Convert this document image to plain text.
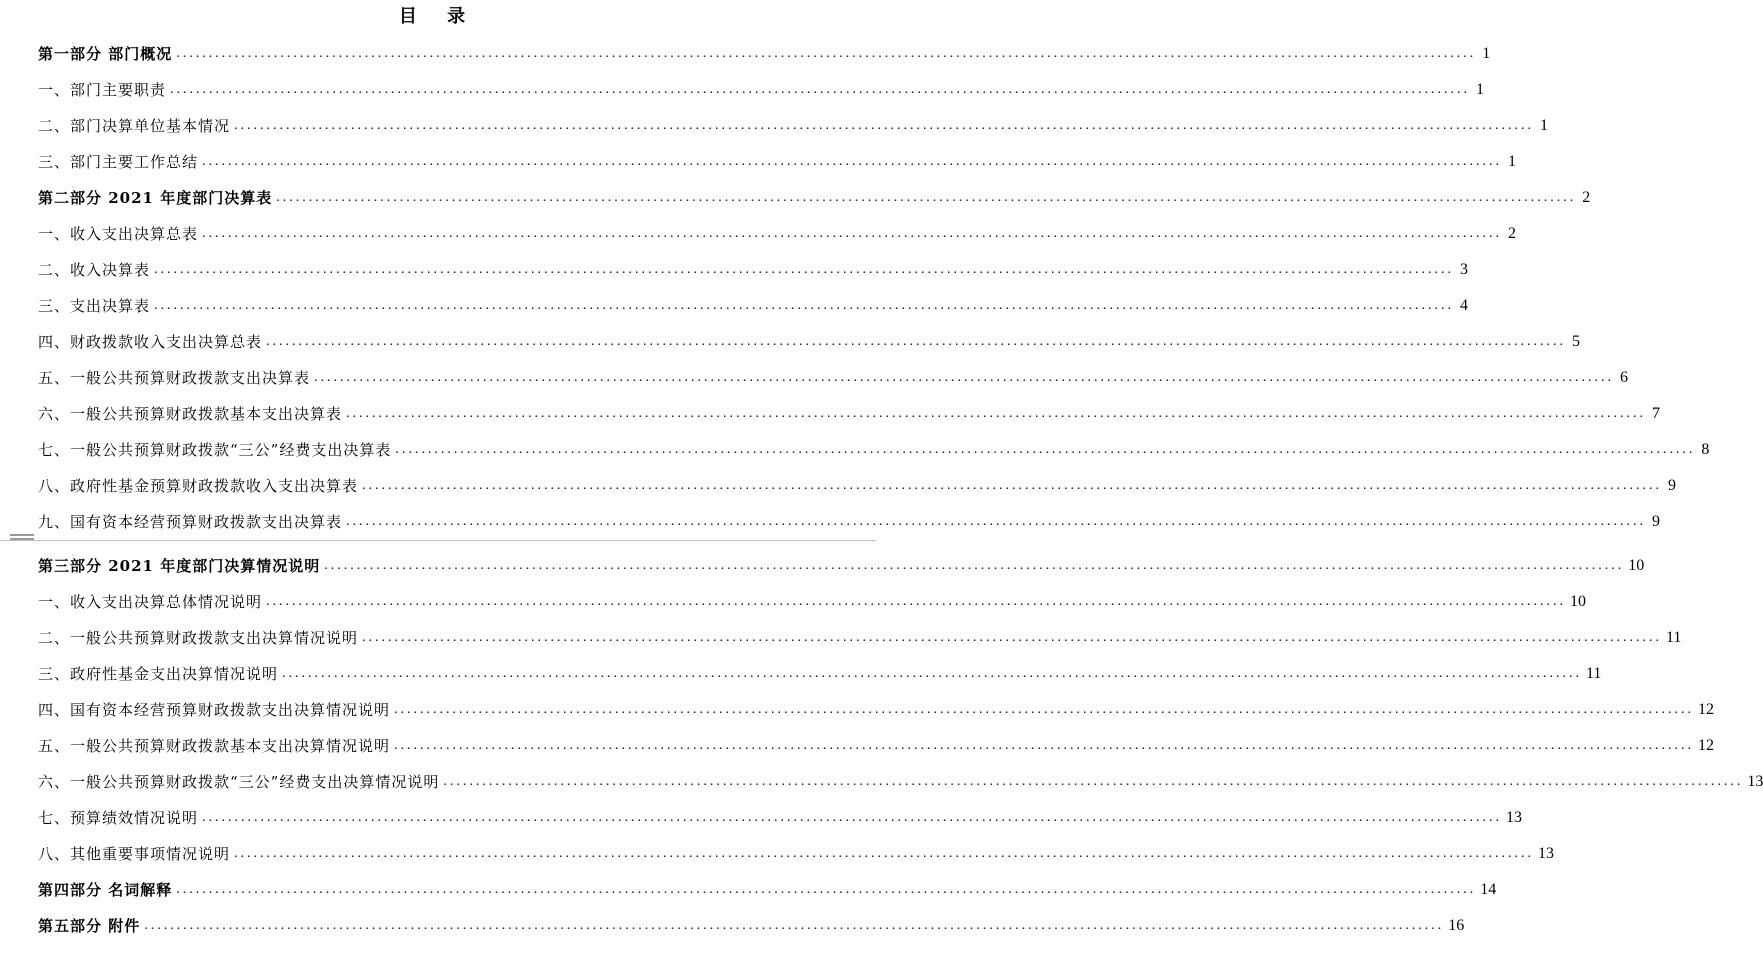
目 录
第一部分 部门概况 ........................................................................................................................................................................................................ 1
一、部门主要职责 ........................................................................................................................................................................................................ 1
二、部门决算单位基本情况 ........................................................................................................................................................................................................ 1
三、部门主要工作总结 ........................................................................................................................................................................................................ 1
第二部分 2021 年度部门决算表 ........................................................................................................................................................................................................ 2
一、收入支出决算总表 ........................................................................................................................................................................................................ 2
二、收入决算表 ........................................................................................................................................................................................................ 3
三、支出决算表 ........................................................................................................................................................................................................ 4
四、财政拨款收入支出决算总表 ........................................................................................................................................................................................................ 5
五、一般公共预算财政拨款支出决算表 ........................................................................................................................................................................................................ 6
六、一般公共预算财政拨款基本支出决算表 ........................................................................................................................................................................................................ 7
七、一般公共预算财政拨款“三公”经费支出决算表 ........................................................................................................................................................................................................ 8
八、政府性基金预算财政拨款收入支出决算表 ........................................................................................................................................................................................................ 9
九、国有资本经营预算财政拨款支出决算表 ........................................................................................................................................................................................................ 9
第三部分 2021 年度部门决算情况说明 ........................................................................................................................................................................................................ 10
一、收入支出决算总体情况说明 ........................................................................................................................................................................................................ 10
二、一般公共预算财政拨款支出决算情况说明 ........................................................................................................................................................................................................ 11
三、政府性基金支出决算情况说明 ........................................................................................................................................................................................................ 11
四、国有资本经营预算财政拨款支出决算情况说明 ........................................................................................................................................................................................................ 12
五、一般公共预算财政拨款基本支出决算情况说明 ........................................................................................................................................................................................................ 12
六、一般公共预算财政拨款“三公”经费支出决算情况说明 ........................................................................................................................................................................................................ 13
七、预算绩效情况说明 ........................................................................................................................................................................................................ 13
八、其他重要事项情况说明 ........................................................................................................................................................................................................ 13
第四部分 名词解释 ........................................................................................................................................................................................................ 14
第五部分 附件 ........................................................................................................................................................................................................ 16
